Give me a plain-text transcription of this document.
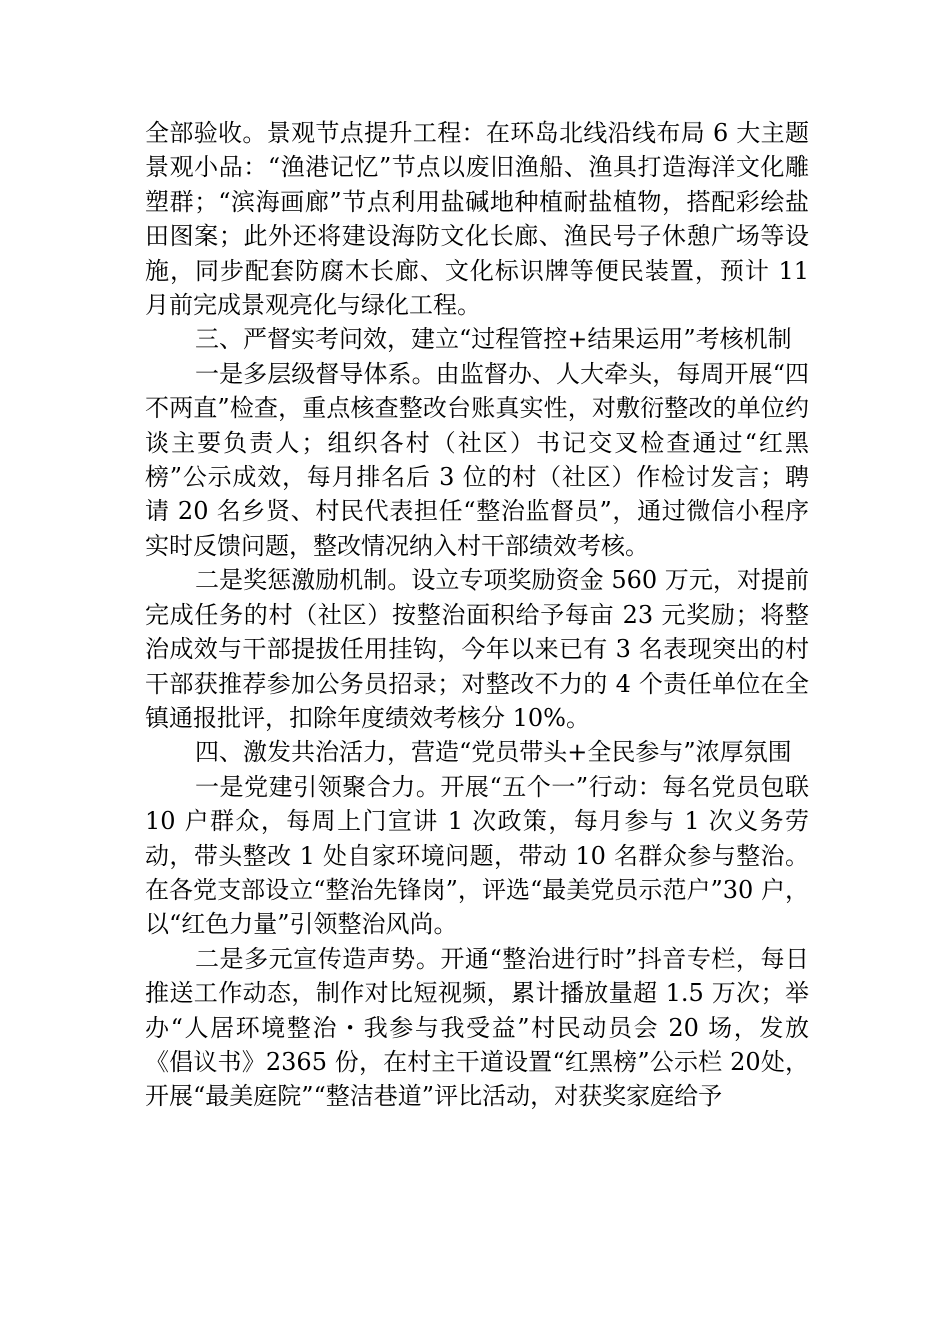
全部验收。景观节点提升工程：在环岛北线沿线布局 6 大主题景观小品：“渔港记忆”节点以废旧渔船、渔具打造海洋文化雕塑群；“滨海画廊”节点利用盐碱地种植耐盐植物，搭配彩绘盐田图案；此外还将建设海防文化长廊、渔民号子休憩广场等设施，同步配套防腐木长廊、文化标识牌等便民装置，预计 11 月前完成景观亮化与绿化工程。

三、严督实考问效，建立“过程管控+结果运用”考核机制

一是多层级督导体系。由监督办、人大牵头，每周开展“四不两直”检查，重点核查整改台账真实性，对敷衍整改的单位约谈主要负责人；组织各村（社区）书记交叉检查通过“红黑榜”公示成效，每月排名后 3 位的村（社区）作检讨发言；聘请 20 名乡贤、村民代表担任“整治监督员”，通过微信小程序实时反馈问题，整改情况纳入村干部绩效考核。

二是奖惩激励机制。设立专项奖励资金 560 万元，对提前完成任务的村（社区）按整治面积给予每亩 23 元奖励；将整治成效与干部提拔任用挂钩，今年以来已有 3 名表现突出的村干部获推荐参加公务员招录；对整改不力的 4 个责任单位在全镇通报批评，扣除年度绩效考核分 10%。

四、激发共治活力，营造“党员带头+全民参与”浓厚氛围

一是党建引领聚合力。开展“五个一”行动：每名党员包联 10 户群众，每周上门宣讲 1 次政策，每月参与 1 次义务劳动，带头整改 1 处自家环境问题，带动 10 名群众参与整治。在各党支部设立“整治先锋岗”，评选“最美党员示范户”30 户，以“红色力量”引领整治风尚。

二是多元宣传造声势。开通“整治进行时”抖音专栏，每日推送工作动态，制作对比短视频，累计播放量超 1.5 万次；举办“人居环境整治・我参与我受益”村民动员会 20 场，发放《倡议书》2365 份，在村主干道设置“红黑榜”公示栏 20处，开展“最美庭院”“整洁巷道”评比活动，对获奖家庭给予
